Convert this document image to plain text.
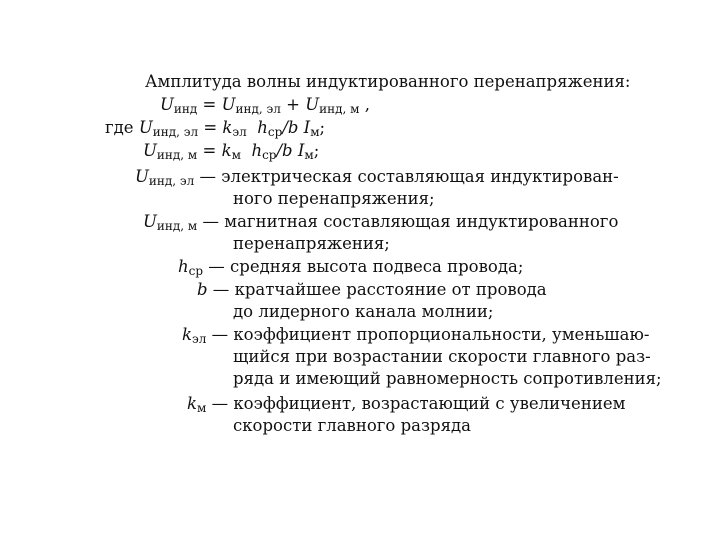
Амплитуда волны индуктированного перенапряжения:
$U_{инд} = U_{инд, эл} + U_{инд, м}$ ,
где $U_{инд, эл} = k_{эл}$ $h_{ср}/b$ $I_м$;
$U_{инд, м} = k_м$ $h_{ср}/b$ $I_м$;
$U_{инд, эл}$ — электрическая составляющая индуктирован-
ного перенапряжения;
$U_{инд, м}$ — магнитная составляющая индуктированного
перенапряжения;
$h_{ср}$ — средняя высота подвеса провода;
b — кратчайшее расстояние от провода
до лидерного канала молнии;
$k_{эл}$ — коэффициент пропорциональности, уменьшаю-
щийся при возрастании скорости главного раз-
ряда и имеющий равномерность сопротивления;
$k_м$ — коэффициент, возрастающий с увеличением
скорости главного разряда
